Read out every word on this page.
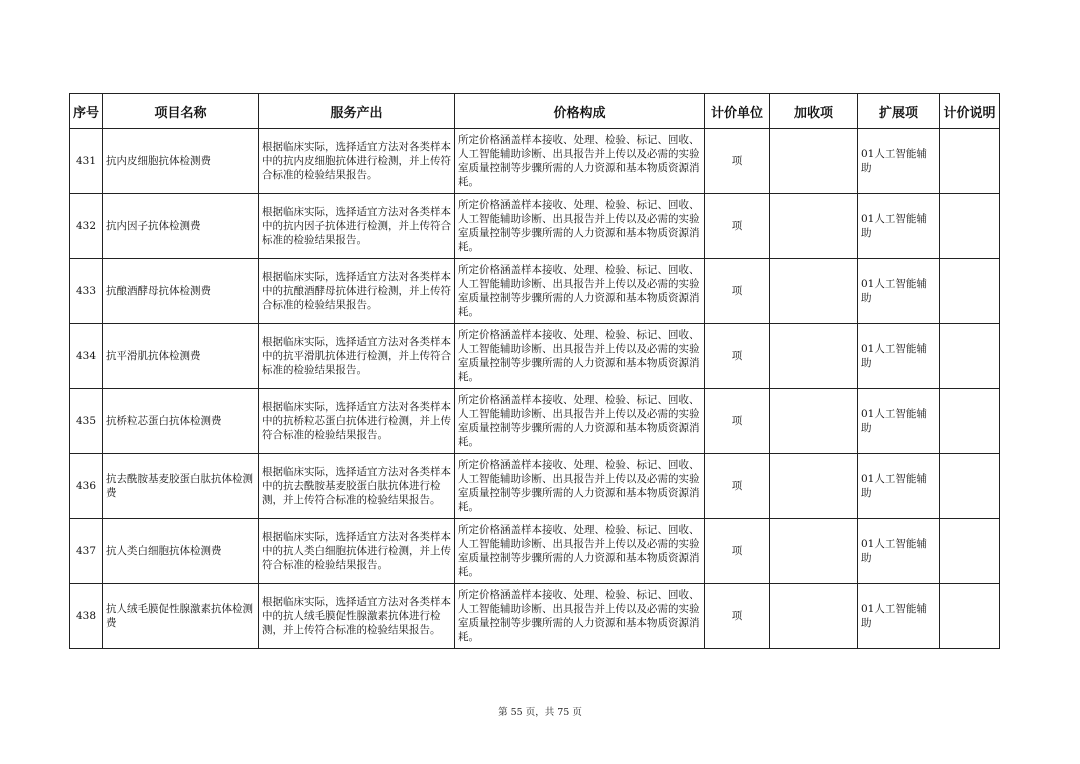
序号	项目名称	服务产出	价格构成	计价单位	加收项	扩展项	计价说明
431	抗内皮细胞抗体检测费	根据临床实际，选择适宜方法对各类样本中的抗内皮细胞抗体进行检测，并上传符合标准的检验结果报告。	所定价格涵盖样本接收、处理、检验、标记、回收、人工智能辅助诊断、出具报告并上传以及必需的实验室质量控制等步骤所需的人力资源和基本物质资源消耗。	项		01人工智能辅助	
432	抗内因子抗体检测费	根据临床实际，选择适宜方法对各类样本中的抗内因子抗体进行检测，并上传符合标准的检验结果报告。	所定价格涵盖样本接收、处理、检验、标记、回收、人工智能辅助诊断、出具报告并上传以及必需的实验室质量控制等步骤所需的人力资源和基本物质资源消耗。	项		01人工智能辅助	
433	抗酿酒酵母抗体检测费	根据临床实际，选择适宜方法对各类样本中的抗酿酒酵母抗体进行检测，并上传符合标准的检验结果报告。	所定价格涵盖样本接收、处理、检验、标记、回收、人工智能辅助诊断、出具报告并上传以及必需的实验室质量控制等步骤所需的人力资源和基本物质资源消耗。	项		01人工智能辅助	
434	抗平滑肌抗体检测费	根据临床实际，选择适宜方法对各类样本中的抗平滑肌抗体进行检测，并上传符合标准的检验结果报告。	所定价格涵盖样本接收、处理、检验、标记、回收、人工智能辅助诊断、出具报告并上传以及必需的实验室质量控制等步骤所需的人力资源和基本物质资源消耗。	项		01人工智能辅助	
435	抗桥粒芯蛋白抗体检测费	根据临床实际，选择适宜方法对各类样本中的抗桥粒芯蛋白抗体进行检测，并上传符合标准的检验结果报告。	所定价格涵盖样本接收、处理、检验、标记、回收、人工智能辅助诊断、出具报告并上传以及必需的实验室质量控制等步骤所需的人力资源和基本物质资源消耗。	项		01人工智能辅助	
436	抗去酰胺基麦胶蛋白肽抗体检测费	根据临床实际，选择适宜方法对各类样本中的抗去酰胺基麦胶蛋白肽抗体进行检测，并上传符合标准的检验结果报告。	所定价格涵盖样本接收、处理、检验、标记、回收、人工智能辅助诊断、出具报告并上传以及必需的实验室质量控制等步骤所需的人力资源和基本物质资源消耗。	项		01人工智能辅助	
437	抗人类白细胞抗体检测费	根据临床实际，选择适宜方法对各类样本中的抗人类白细胞抗体进行检测，并上传符合标准的检验结果报告。	所定价格涵盖样本接收、处理、检验、标记、回收、人工智能辅助诊断、出具报告并上传以及必需的实验室质量控制等步骤所需的人力资源和基本物质资源消耗。	项		01人工智能辅助	
438	抗人绒毛膜促性腺激素抗体检测费	根据临床实际，选择适宜方法对各类样本中的抗人绒毛膜促性腺激素抗体进行检测，并上传符合标准的检验结果报告。	所定价格涵盖样本接收、处理、检验、标记、回收、人工智能辅助诊断、出具报告并上传以及必需的实验室质量控制等步骤所需的人力资源和基本物质资源消耗。	项		01人工智能辅助	
第 55 页，共 75 页
